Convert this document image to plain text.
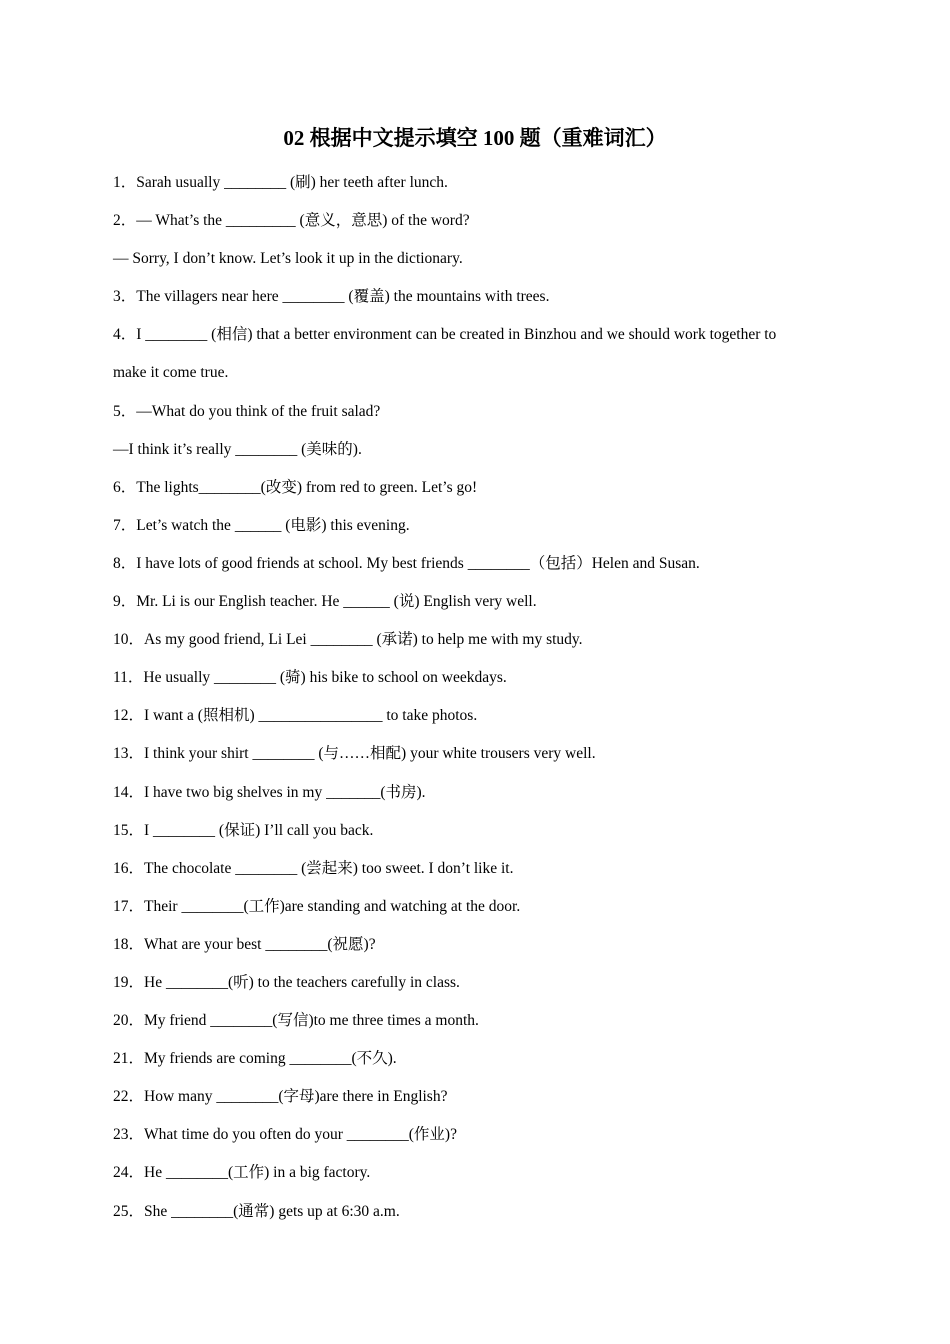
02 根据中文提示填空 100 题（重难词汇）
1．Sarah usually ________ (刷) her teeth after lunch.
2．— What’s the _________ (意义，意思) of the word?
— Sorry, I don’t know. Let’s look it up in the dictionary.
3．The villagers near here ________ (覆盖) the mountains with trees.
4．I ________ (相信) that a better environment can be created in Binzhou and we should work together to
make it come true.
5．—What do you think of the fruit salad?
—I think it’s really ________ (美味的).
6．The lights________(改变) from red to green. Let’s go!
7．Let’s watch the ______ (电影) this evening.
8．I have lots of good friends at school. My best friends ________（包括）Helen and Susan.
9．Mr. Li is our English teacher. He ______ (说) English very well.
10．As my good friend, Li Lei ________ (承诺) to help me with my study.
11．He usually ________ (骑) his bike to school on weekdays.
12．I want a (照相机) ________________ to take photos.
13．I think your shirt ________ (与……相配) your white trousers very well.
14．I have two big shelves in my _______(书房).
15．I ________ (保证) I’ll call you back.
16．The chocolate ________ (尝起来) too sweet. I don’t like it.
17．Their ________(工作)are standing and watching at the door.
18．What are your best ________(祝愿)?
19．He ________(听) to the teachers carefully in class.
20．My friend ________(写信)to me three times a month.
21．My friends are coming ________(不久).
22．How many ________(字母)are there in English?
23．What time do you often do your ________(作业)?
24．He ________(工作) in a big factory.
25．She ________(通常) gets up at 6:30 a.m.
